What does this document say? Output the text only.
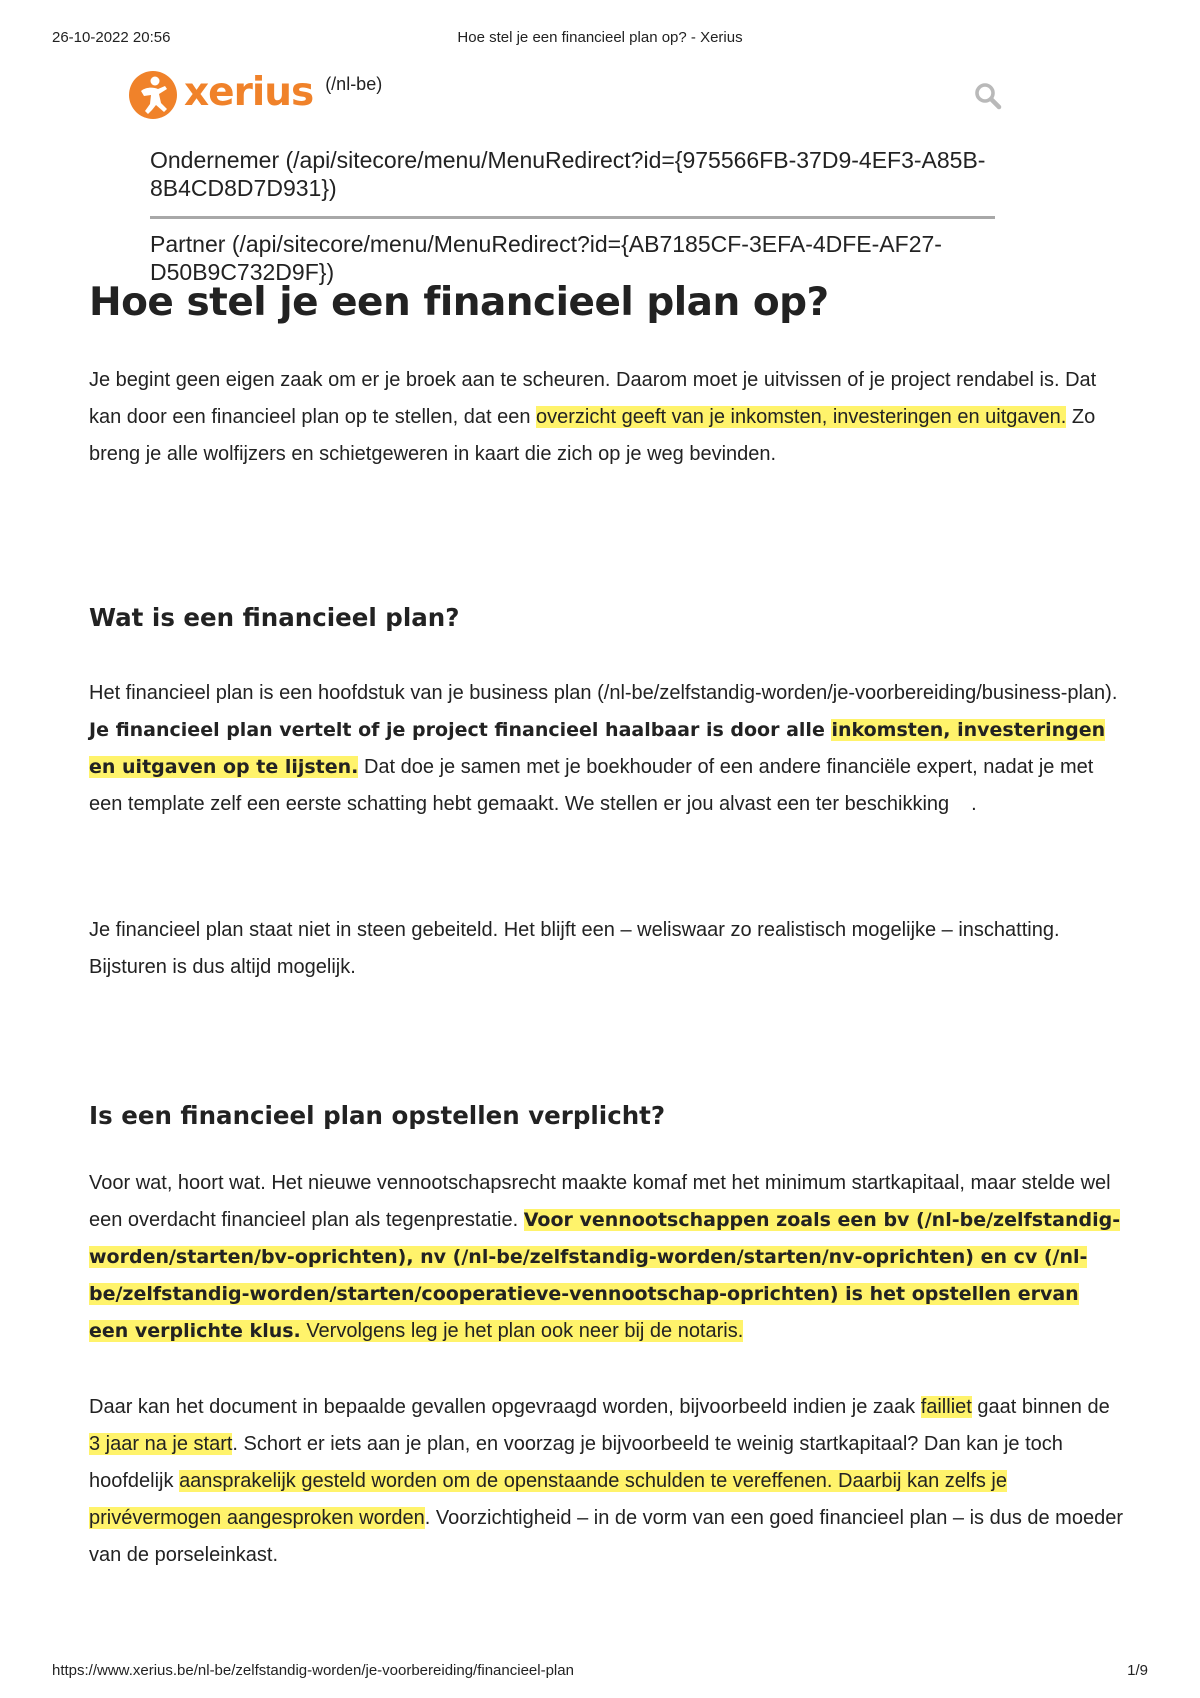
26-10-2022 20:56	Hoe stel je een financieel plan op? - Xerius
xerius (/nl-be)
Ondernemer (/api/sitecore/menu/MenuRedirect?id={975566FB-37D9-4EF3-A85B-8B4CD8D7D931})
Partner (/api/sitecore/menu/MenuRedirect?id={AB7185CF-3EFA-4DFE-AF27-D50B9C732D9F})
Hoe stel je een financieel plan op?

Je begint geen eigen zaak om er je broek aan te scheuren. Daarom moet je uitvissen of je project rendabel is. Dat kan door een financieel plan op te stellen, dat een overzicht geeft van je inkomsten, investeringen en uitgaven. Zo breng je alle wolfijzers en schietgeweren in kaart die zich op je weg bevinden.

Wat is een financieel plan?

Het financieel plan is een hoofdstuk van je business plan (/nl-be/zelfstandig-worden/je-voorbereiding/business-plan). Je financieel plan vertelt of je project financieel haalbaar is door alle inkomsten, investeringen en uitgaven op te lijsten. Dat doe je samen met je boekhouder of een andere financiële expert, nadat je met een template zelf een eerste schatting hebt gemaakt. We stellen er jou alvast een ter beschikking .

Je financieel plan staat niet in steen gebeiteld. Het blijft een – weliswaar zo realistisch mogelijke – inschatting. Bijsturen is dus altijd mogelijk.

Is een financieel plan opstellen verplicht?

Voor wat, hoort wat. Het nieuwe vennootschapsrecht maakte komaf met het minimum startkapitaal, maar stelde wel een overdacht financieel plan als tegenprestatie. Voor vennootschappen zoals een bv (/nl-be/zelfstandig-worden/starten/bv-oprichten), nv (/nl-be/zelfstandig-worden/starten/nv-oprichten) en cv (/nl-be/zelfstandig-worden/starten/cooperatieve-vennootschap-oprichten) is het opstellen ervan een verplichte klus. Vervolgens leg je het plan ook neer bij de notaris.

Daar kan het document in bepaalde gevallen opgevraagd worden, bijvoorbeeld indien je zaak failliet gaat binnen de 3 jaar na je start. Schort er iets aan je plan, en voorzag je bijvoorbeeld te weinig startkapitaal? Dan kan je toch hoofdelijk aansprakelijk gesteld worden om de openstaande schulden te vereffenen. Daarbij kan zelfs je privévermogen aangesproken worden. Voorzichtigheid – in de vorm van een goed financieel plan – is dus de moeder van de porseleinkast.

https://www.xerius.be/nl-be/zelfstandig-worden/je-voorbereiding/financieel-plan	1/9
